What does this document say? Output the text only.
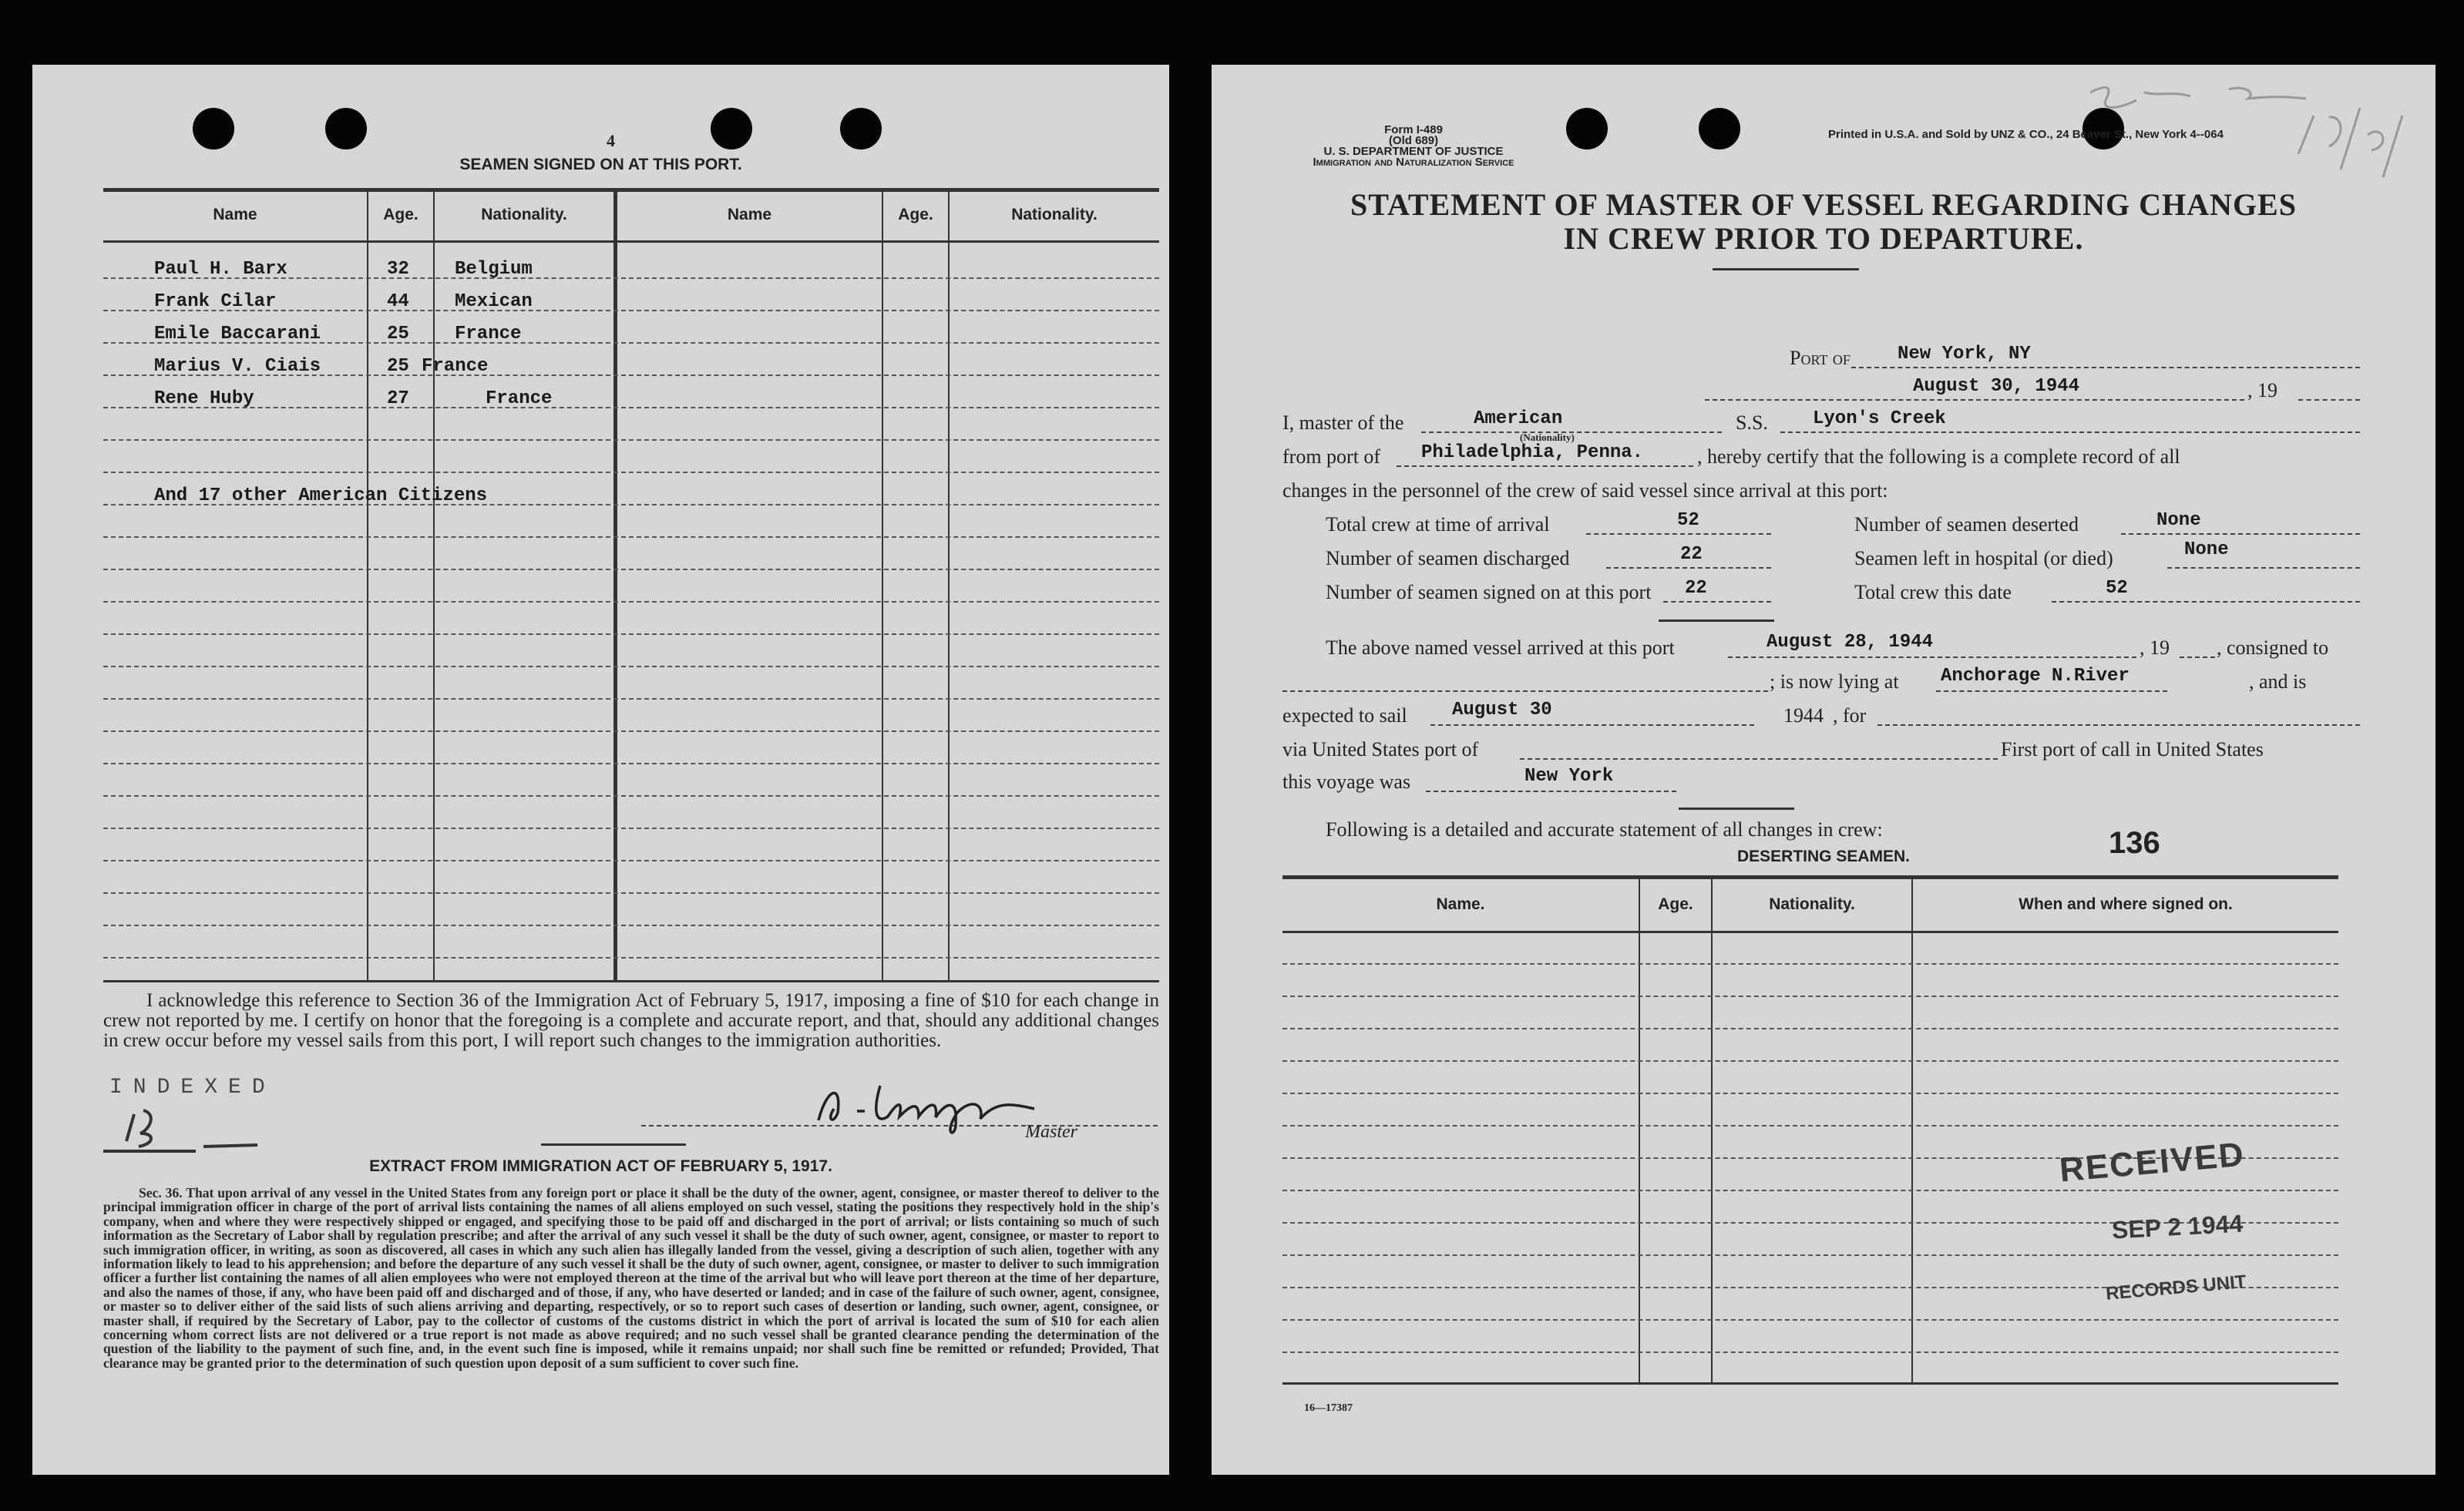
4
SEAMEN SIGNED ON AT THIS PORT.
Name	Age.	Nationality.	Name	Age.	Nationality.
Paul H. Barx	32 Belgium
Frank Cilar	44 Mexican
Emile Baccarani	25 France
Marius V. Ciais	25 France
Rene Huby	27	France
And 17 other American Citizens
I acknowledge this reference to Section 36 of the Immigration Act of February 5, 1917, imposing a fine of $10 for each change in crew not reported by me. I certify on honor that the foregoing is a complete and accurate report, and that, should any additional changes in crew occur before my vessel sails from this port, I will report such changes to the immigration authorities.
INDEXED
Master
EXTRACT FROM IMMIGRATION ACT OF FEBRUARY 5, 1917.
Sec. 36. That upon arrival of any vessel in the United States from any foreign port or place it shall be the duty of the owner, agent, consignee, or master thereof to deliver to the principal immigration officer in charge of the port of arrival lists containing the names of all aliens employed on such vessel, stating the positions they respectively hold in the ship's company, when and where they were respectively shipped or engaged, and specifying those to be paid off and discharged in the port of arrival; or lists containing so much of such information as the Secretary of Labor shall by regulation prescribe; and after the arrival of any such vessel it shall be the duty of such owner, agent, consignee, or master to report to such immigration officer, in writing, as soon as discovered, all cases in which any such alien has illegally landed from the vessel, giving a description of such alien, together with any information likely to lead to his apprehension; and before the departure of any such vessel it shall be the duty of such owner, agent, consignee, or master to deliver to such immigration officer a further list containing the names of all alien employees who were not employed thereon at the time of the arrival but who will leave port thereon at the time of her departure, and also the names of those, if any, who have been paid off and discharged and of those, if any, who have deserted or landed; and in case of the failure of such owner, agent, consignee, or master so to deliver either of the said lists of such aliens arriving and departing, respectively, or so to report such cases of desertion or landing, such owner, agent, consignee, or master shall, if required by the Secretary of Labor, pay to the collector of customs of the customs district in which the port of arrival is located the sum of $10 for each alien concerning whom correct lists are not delivered or a true report is not made as above required; and no such vessel shall be granted clearance pending the determination of the question of the liability to the payment of such fine, and, in the event such fine is imposed, while it remains unpaid; nor shall such fine be remitted or refunded; Provided, That clearance may be granted prior to the determination of such question upon deposit of a sum sufficient to cover such fine.
Form I-489
(Old 689)
U. S. DEPARTMENT OF JUSTICE
Immigration and Naturalization Service
Printed in U.S.A. and Sold by UNZ & CO., 24 Beaver St., New York 4--064
STATEMENT OF MASTER OF VESSEL REGARDING CHANGES
IN CREW PRIOR TO DEPARTURE.
Port of	New York, NY
August 30, 1944	, 19
I, master of the	American
(Nationality)
S.S. Lyon's Creek
from port of Philadelphia, Penna.	, hereby certify that the following is a complete record of all
changes in the personnel of the crew of said vessel since arrival at this port:
Total crew at time of arrival	52	Number of seamen deserted	None
Number of seamen discharged	22	Seamen left in hospital (or died)	None
Number of seamen signed on at this port 22	Total crew this date	52
The above named vessel arrived at this port	August 28, 1944	, 19 , consigned to
; is now lying at Anchorage N.River	, and is
expected to sail August 30	1944 , for
via United States port of	First port of call in United States
this voyage was	New York
Following is a detailed and accurate statement of all changes in crew:
DESERTING SEAMEN.	136
Name.	Age.	Nationality.	When and where signed on.
RECEIVED
SEP 2 1944
RECORDS UNIT
16—17387
